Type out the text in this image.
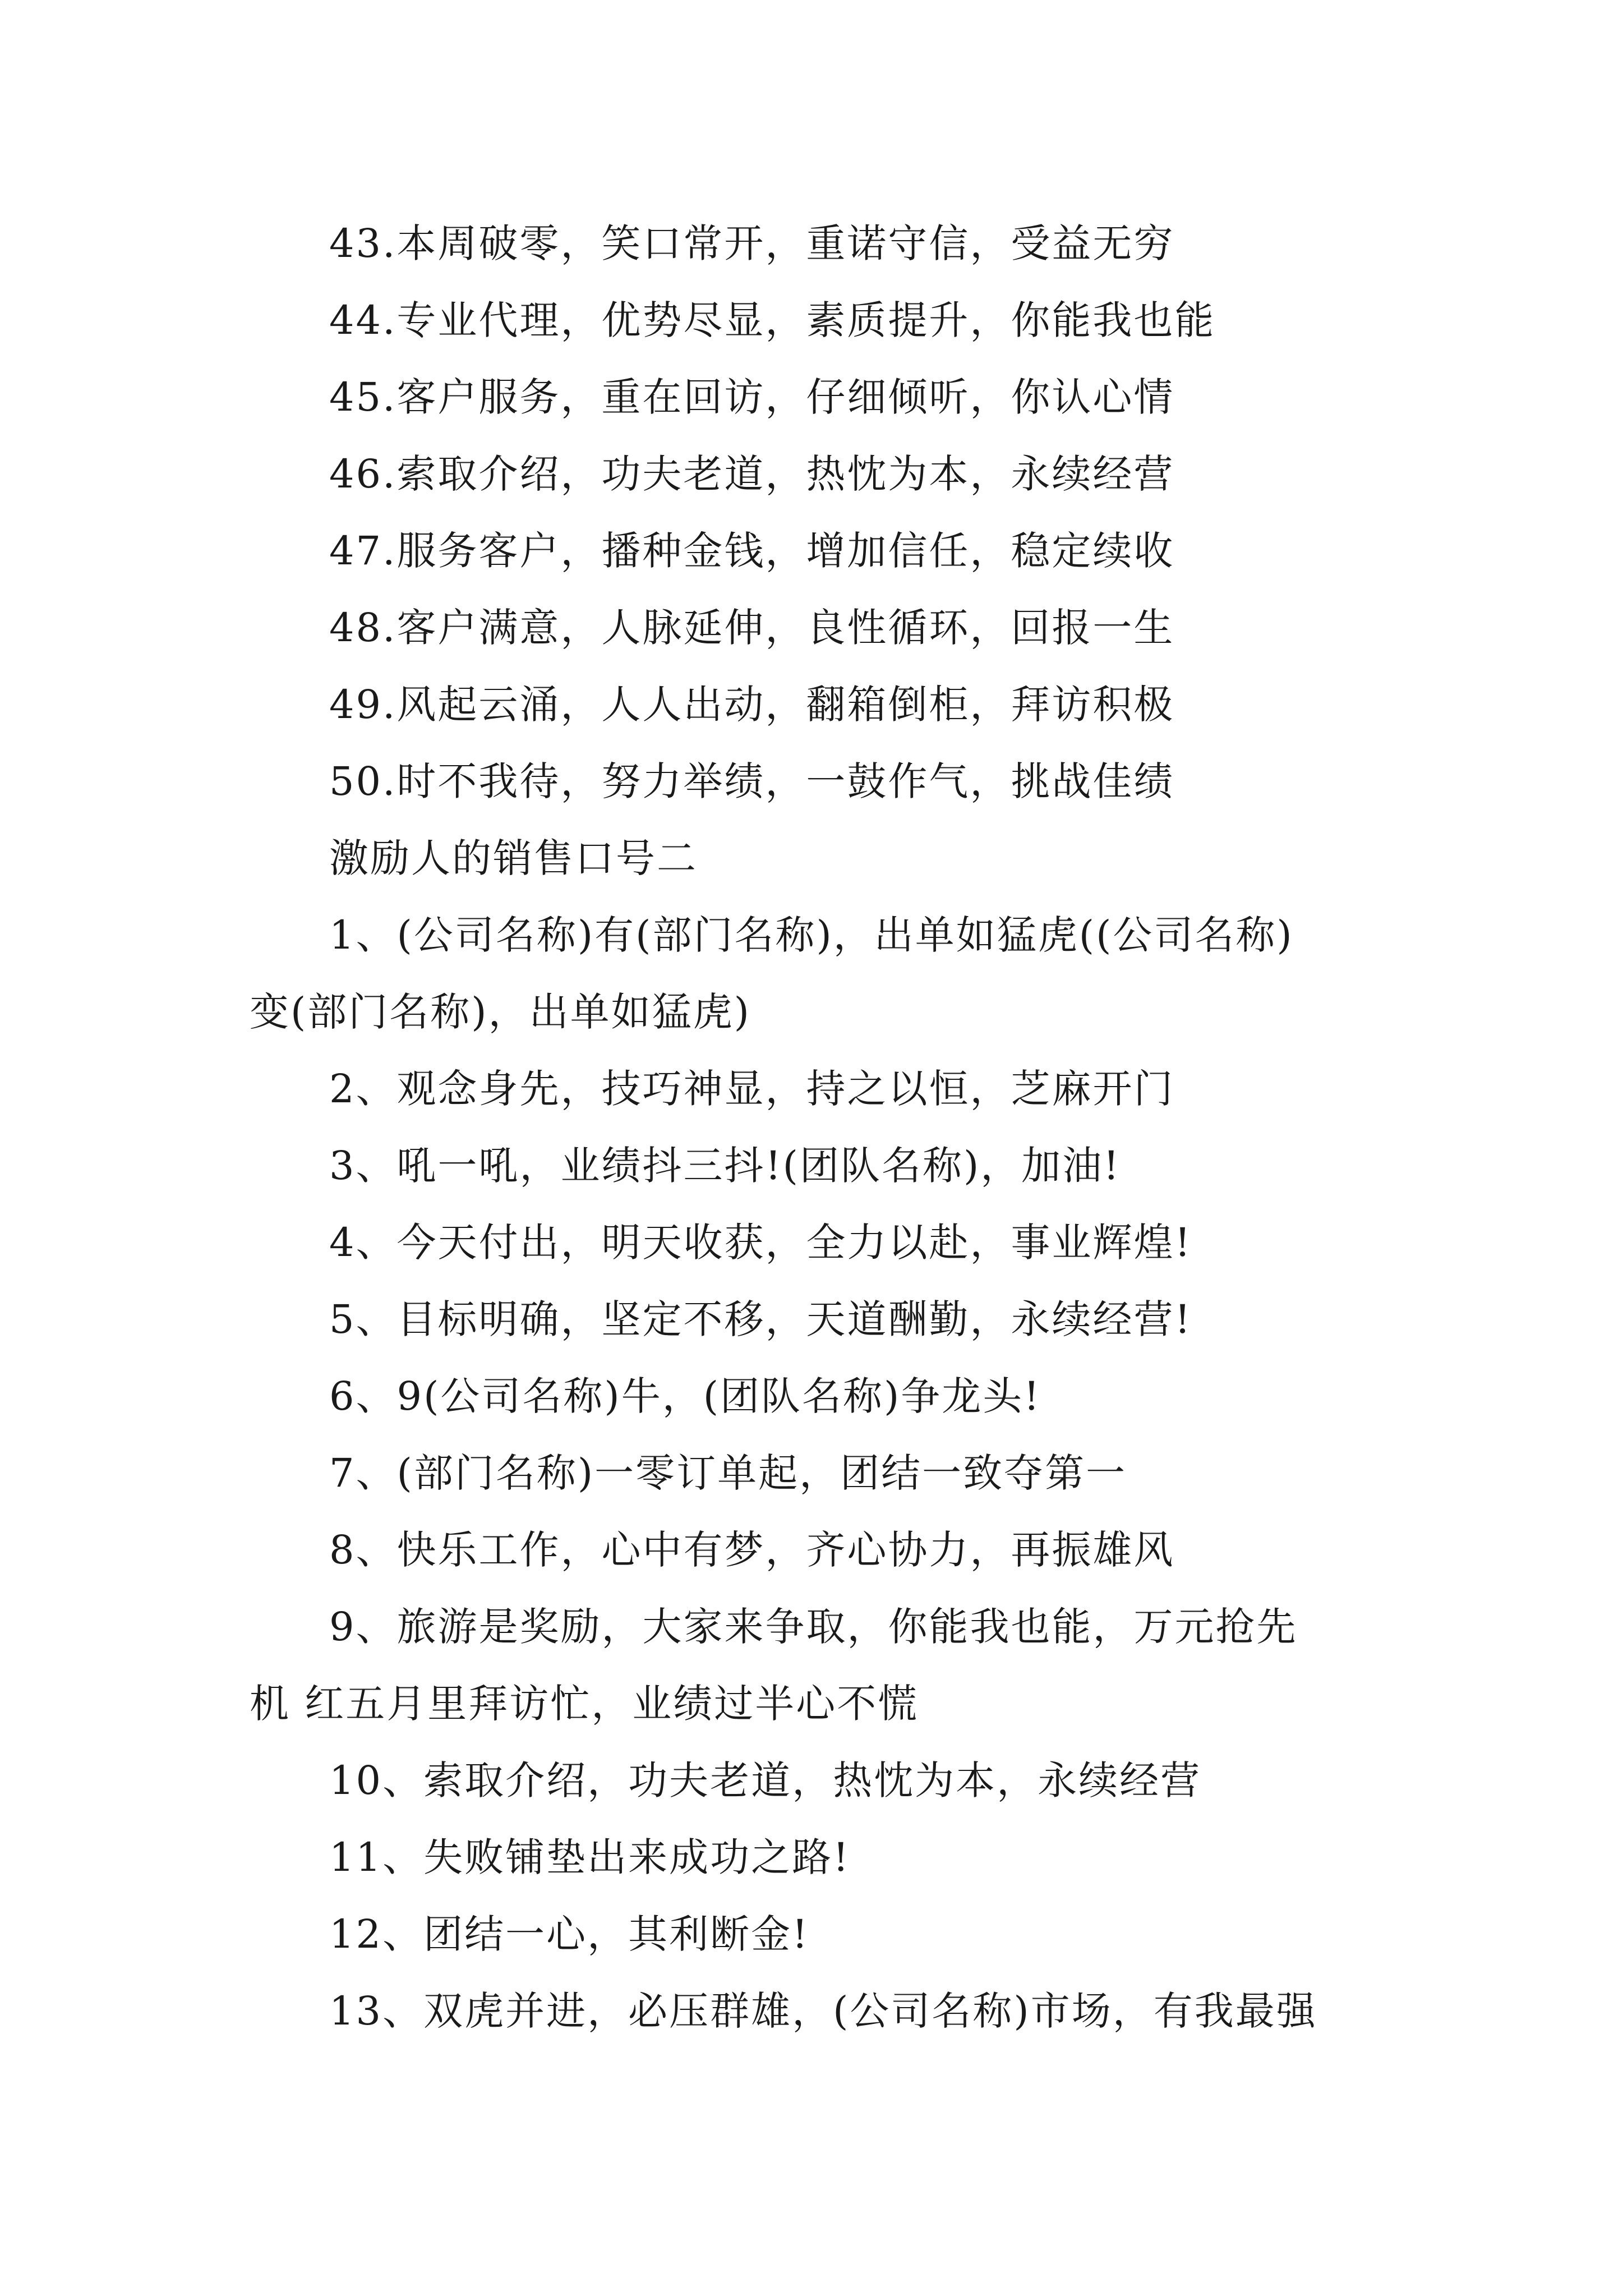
43.本周破零，笑口常开，重诺守信，受益无穷
44.专业代理，优势尽显，素质提升，你能我也能
45.客户服务，重在回访，仔细倾听，你认心情
46.索取介绍，功夫老道，热忱为本，永续经营
47.服务客户，播种金钱，增加信任，稳定续收
48.客户满意，人脉延伸，良性循环，回报一生
49.风起云涌，人人出动，翻箱倒柜，拜访积极
50.时不我待，努力举绩，一鼓作气，挑战佳绩
激励人的销售口号二
1、(公司名称)有(部门名称)，出单如猛虎((公司名称)
变(部门名称)，出单如猛虎)
2、观念身先，技巧神显，持之以恒，芝麻开门
3、吼一吼，业绩抖三抖!(团队名称)，加油!
4、今天付出，明天收获，全力以赴，事业辉煌!
5、目标明确，坚定不移，天道酬勤，永续经营!
6、9(公司名称)牛，(团队名称)争龙头!
7、(部门名称)一零订单起，团结一致夺第一
8、快乐工作，心中有梦，齐心协力，再振雄风
9、旅游是奖励，大家来争取，你能我也能，万元抢先
机 红五月里拜访忙，业绩过半心不慌
10、索取介绍，功夫老道，热忱为本，永续经营
11、失败铺垫出来成功之路!
12、团结一心，其利断金!
13、双虎并进，必压群雄，(公司名称)市场，有我最强
